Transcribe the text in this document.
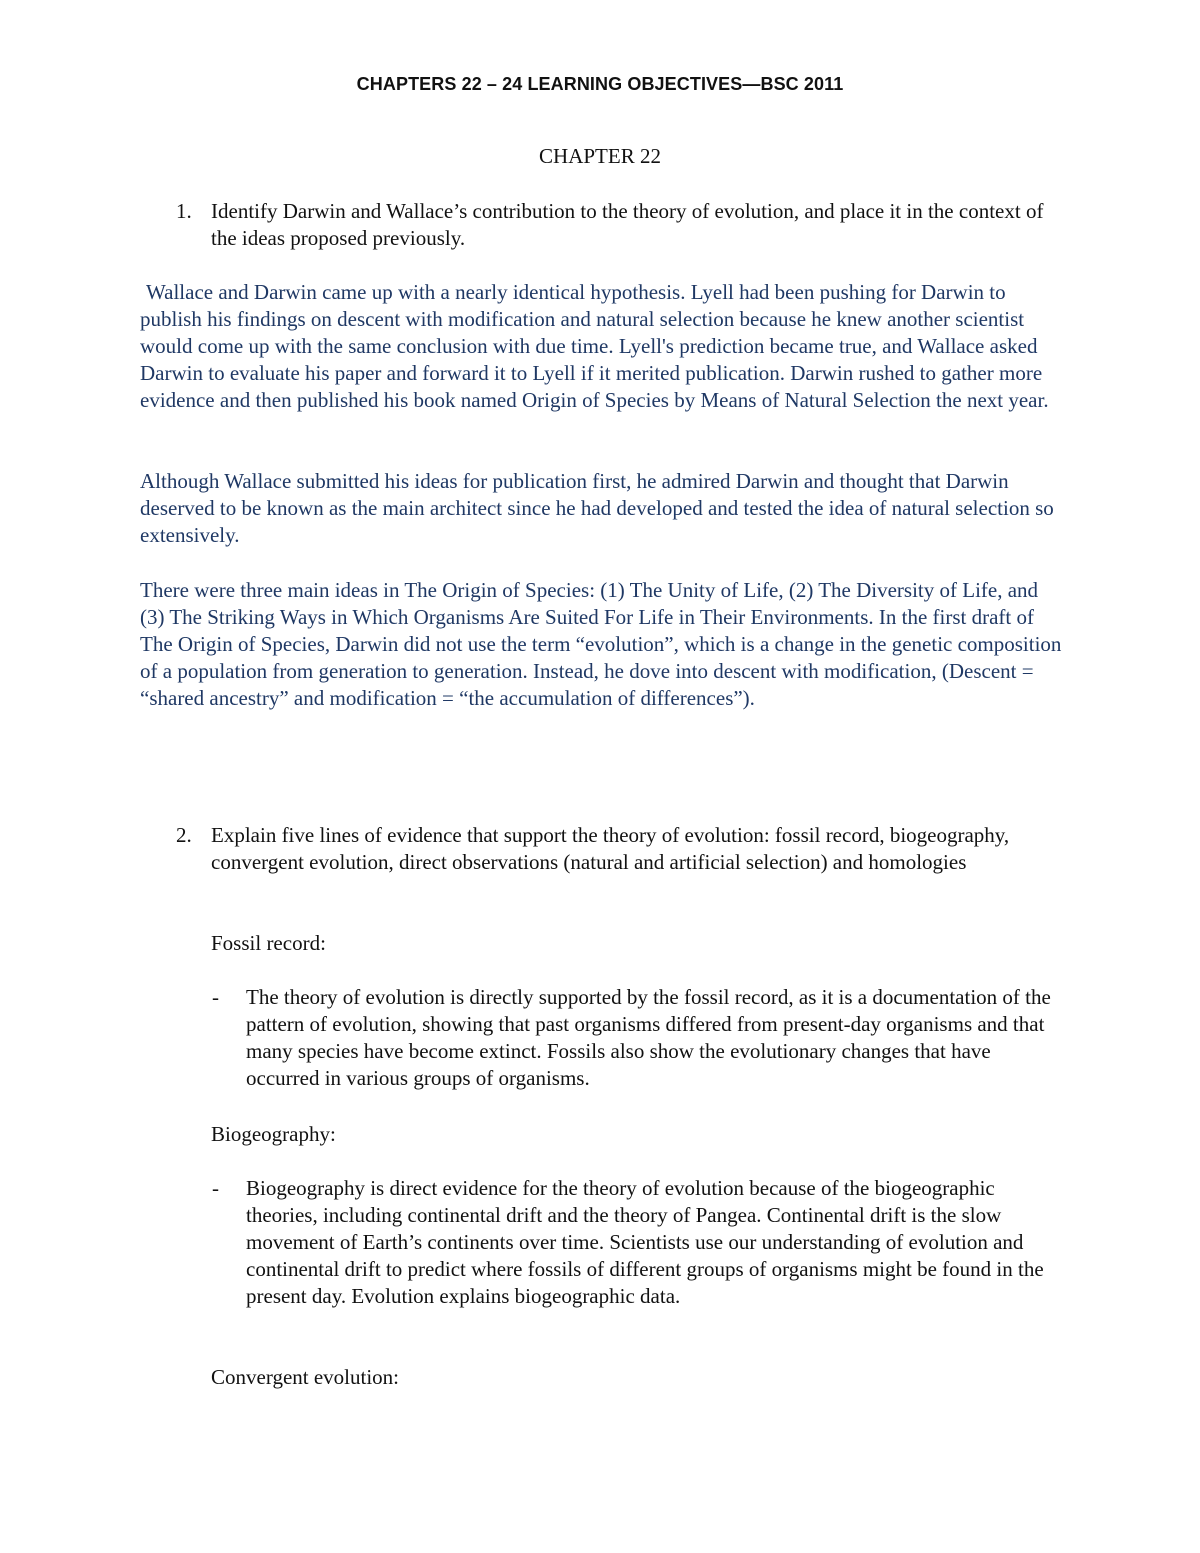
CHAPTERS 22 – 24 LEARNING OBJECTIVES—BSC 2011
CHAPTER 22
1. Identify Darwin and Wallace’s contribution to the theory of evolution, and place it in the context of the ideas proposed previously.
Wallace and Darwin came up with a nearly identical hypothesis. Lyell had been pushing for Darwin to publish his findings on descent with modification and natural selection because he knew another scientist would come up with the same conclusion with due time. Lyell's prediction became true, and Wallace asked Darwin to evaluate his paper and forward it to Lyell if it merited publication. Darwin rushed to gather more evidence and then published his book named Origin of Species by Means of Natural Selection the next year.
Although Wallace submitted his ideas for publication first, he admired Darwin and thought that Darwin deserved to be known as the main architect since he had developed and tested the idea of natural selection so extensively.
There were three main ideas in The Origin of Species: (1) The Unity of Life, (2) The Diversity of Life, and (3) The Striking Ways in Which Organisms Are Suited For Life in Their Environments. In the first draft of The Origin of Species, Darwin did not use the term “evolution”, which is a change in the genetic composition of a population from generation to generation. Instead, he dove into descent with modification, (Descent = “shared ancestry” and modification = “the accumulation of differences”).
2. Explain five lines of evidence that support the theory of evolution: fossil record, biogeography, convergent evolution, direct observations (natural and artificial selection) and homologies
Fossil record:
- The theory of evolution is directly supported by the fossil record, as it is a documentation of the pattern of evolution, showing that past organisms differed from present-day organisms and that many species have become extinct. Fossils also show the evolutionary changes that have occurred in various groups of organisms.
Biogeography:
- Biogeography is direct evidence for the theory of evolution because of the biogeographic theories, including continental drift and the theory of Pangea. Continental drift is the slow movement of Earth’s continents over time. Scientists use our understanding of evolution and continental drift to predict where fossils of different groups of organisms might be found in the present day. Evolution explains biogeographic data.
Convergent evolution:
